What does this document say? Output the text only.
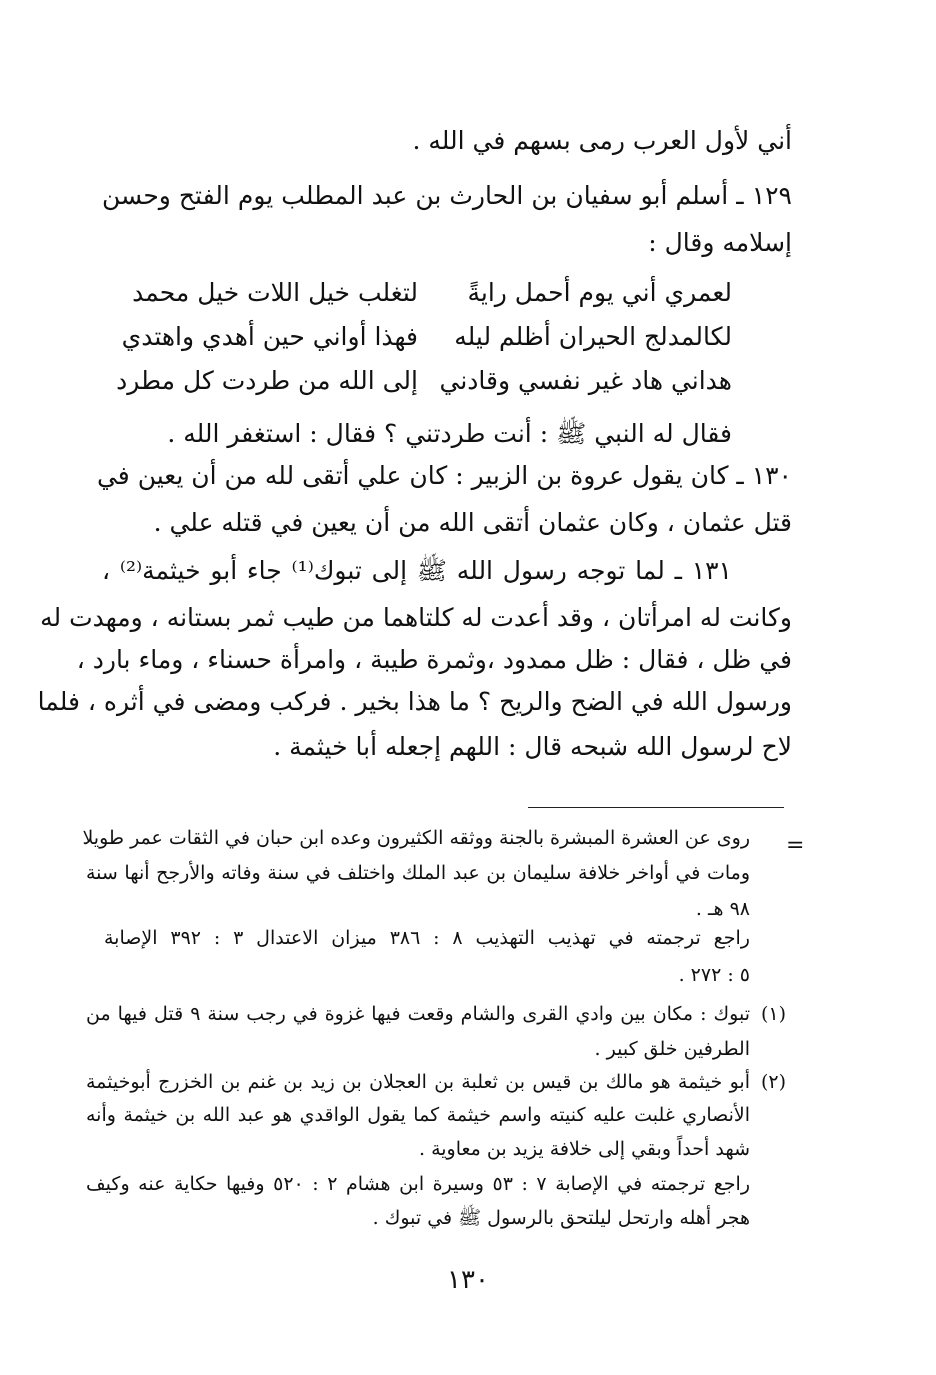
أني لأول العرب رمى بسهم في الله .
١٢٩ ـ أسلم أبو سفيان بن الحارث بن عبد المطلب يوم الفتح وحسن
إسلامه وقال :
لعمري أني يوم أحمل رايةً
لتغلب خيل اللات خيل محمد
لكالمدلج الحيران أظلم ليله
فهذا أواني حين أهدي واهتدي
هداني هاد غير نفسي وقادني
إلى الله من طردت كل مطرد
فقال له النبي ﷺ : أنت طردتني ؟ فقال : استغفر الله .
١٣٠ ـ كان يقول عروة بن الزبير : كان علي أتقى لله من أن يعين في
قتل عثمان ، وكان عثمان أتقى الله من أن يعين في قتله علي .
١٣١ ـ لما توجه رسول الله ﷺ إلى تبوك⁽¹⁾ جاء أبو خيثمة⁽²⁾ ،
وكانت له امرأتان ، وقد أعدت له كلتاهما من طيب ثمر بستانه ، ومهدت له
في ظل ، فقال : ظل ممدود ،وثمرة طيبة ، وامرأة حسناء ، وماء بارد ،
ورسول الله في الضح والريح ؟ ما هذا بخير . فركب ومضى في أثره ، فلما
لاح لرسول الله شبحه قال : اللهم إجعله أبا خيثمة .
=
روى عن العشرة المبشرة بالجنة ووثقه الكثيرون وعده ابن حبان في الثقات عمر طويلا
ومات في أواخر خلافة سليمان بن عبد الملك واختلف في سنة وفاته والأرجح أنها سنة
٩٨ هـ .
راجع ترجمته في تهذيب التهذيب ٨ : ٣٨٦ ميزان الاعتدال ٣ : ٣٩٢ الإصابة
٥ : ٢٧٢ .
(١)
تبوك : مكان بين وادي القرى والشام وقعت فيها غزوة في رجب سنة ٩ قتل فيها من
الطرفين خلق كبير .
(٢)
أبو خيثمة هو مالك بن قيس بن ثعلبة بن العجلان بن زيد بن غنم بن الخزرج أبوخيثمة
الأنصاري غلبت عليه كنيته واسم خيثمة كما يقول الواقدي هو عبد الله بن خيثمة وأنه
شهد أحداً وبقي إلى خلافة يزيد بن معاوية .
راجع ترجمته في الإصابة ٧ : ٥٣ وسيرة ابن هشام ٢ : ٥٢٠ وفيها حكاية عنه وكيف
هجر أهله وارتحل ليلتحق بالرسول ﷺ في تبوك .
١٣٠
